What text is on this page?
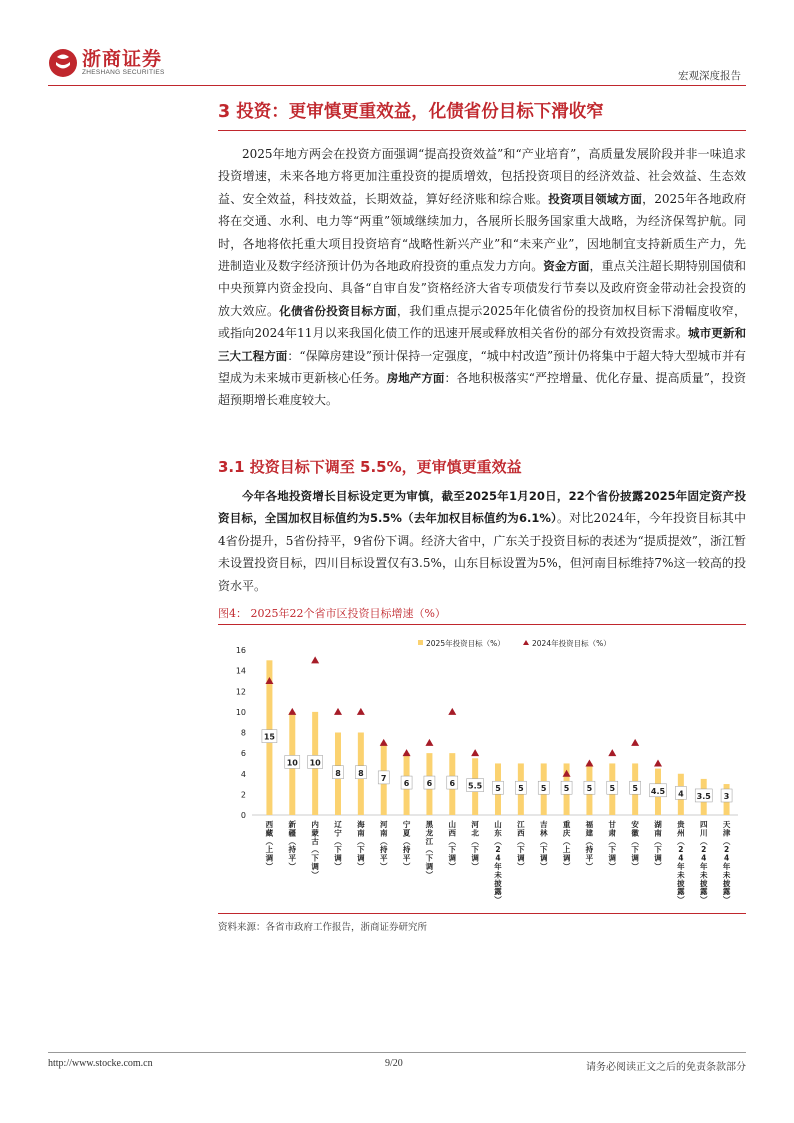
浙商证券
ZHESHANG SECURITIES	宏观深度报告
3 投资：更审慎更重效益，化债省份目标下滑收窄

2025年地方两会在投资方面强调“提高投资效益”和“产业培育”，高质量发展阶段并非一味追求投资增速，未来各地方将更加注重投资的提质增效，包括投资项目的经济效益、社会效益、生态效益、安全效益，科技效益，长期效益，算好经济账和综合账。投资项目领域方面，2025年各地政府将在交通、水利、电力等“两重”领域继续加力，各展所长服务国家重大战略，为经济保驾护航。同时，各地将依托重大项目投资培育“战略性新兴产业”和“未来产业”，因地制宜支持新质生产力，先进制造业及数字经济预计仍为各地政府投资的重点发力方向。资金方面，重点关注超长期特别国债和中央预算内资金投向、具备“自审自发”资格经济大省专项债发行节奏以及政府资金带动社会投资的放大效应。化债省份投资目标方面，我们重点提示2025年化债省份的投资加权目标下滑幅度收窄，或指向2024年11月以来我国化债工作的迅速开展或释放相关省份的部分有效投资需求。城市更新和三大工程方面：“保障房建设”预计保持一定强度，“城中村改造”预计仍将集中于超大特大型城市并有望成为未来城市更新核心任务。房地产方面：各地积极落实“严控增量、优化存量、提高质量”，投资超预期增长难度较大。

3.1 投资目标下调至 5.5%，更审慎更重效益

今年各地投资增长目标设定更为审慎，截至2025年1月20日，22个省份披露2025年固定资产投资目标，全国加权目标值约为5.5%（去年加权目标值约为6.1%）。对比2024年，今年投资目标其中4省份提升，5省份持平，9省份下调。经济大省中，广东关于投资目标的表述为“提质提效”，浙江暂未设置投资目标，四川目标设置仅有3.5%，山东目标设置为5%，但河南目标维持7%这一较高的投资水平。

图4： 2025年22个省市区投资目标增速（%）
2025年投资目标（%）	2024年投资目标（%）
0
2
4
6
8
10
12
14
16
15
10 10
8 8
7
6 6 6 5.5 5 5 5 5 5 5 5 4.5 4 3.5 3
西藏︵上调︶
新疆︵持平︶
内蒙古︵下调︶
辽宁︵下调︶
海南︵下调︶
河南︵持平︶
宁夏︵持平︶
黑龙江︵下调︶
山西︵下调︶
河北︵下调︶
山东︵ 2 4 年未披露︶
江西︵下调︶
吉林︵下调︶
重庆︵上调︶
福建︵持平︶
甘肃︵下调︶
安徽︵下调︶
湖南︵下调︶
贵州︵ 2 4 年未披露︶
四川︵ 2 4 年未披露︶
天津︵ 2 4 年未披露︶
资料来源：各省市政府工作报告，浙商证券研究所
http://www.stocke.com.cn	9/20	请务必阅读正文之后的免责条款部分
